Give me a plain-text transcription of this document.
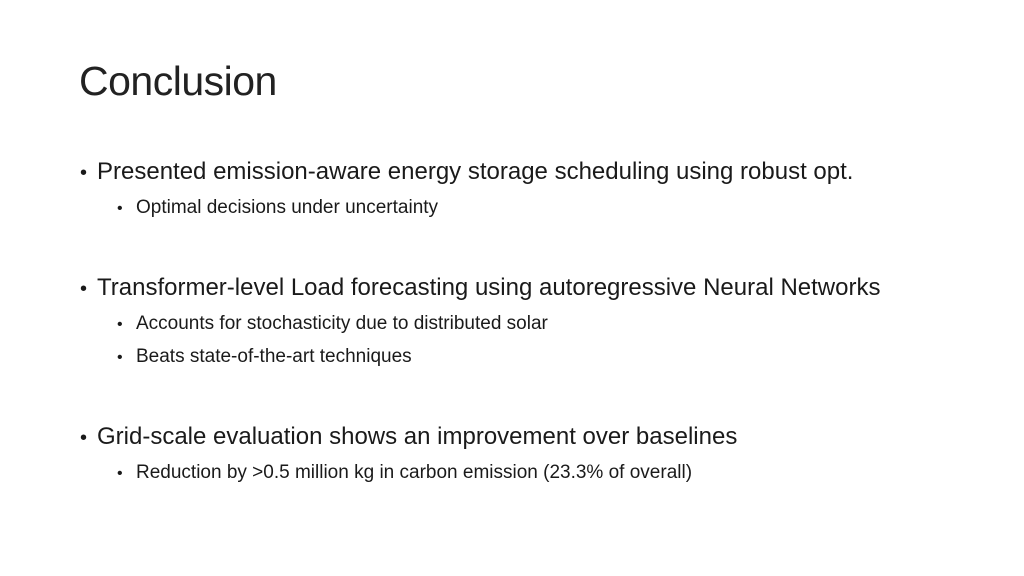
Conclusion
• Presented emission-aware energy storage scheduling using robust opt.
• Optimal decisions under uncertainty
• Transformer-level Load forecasting using autoregressive Neural Networks
• Accounts for stochasticity due to distributed solar
• Beats state-of-the-art techniques
• Grid-scale evaluation shows an improvement over baselines
• Reduction by >0.5 million kg in carbon emission (23.3% of overall)
